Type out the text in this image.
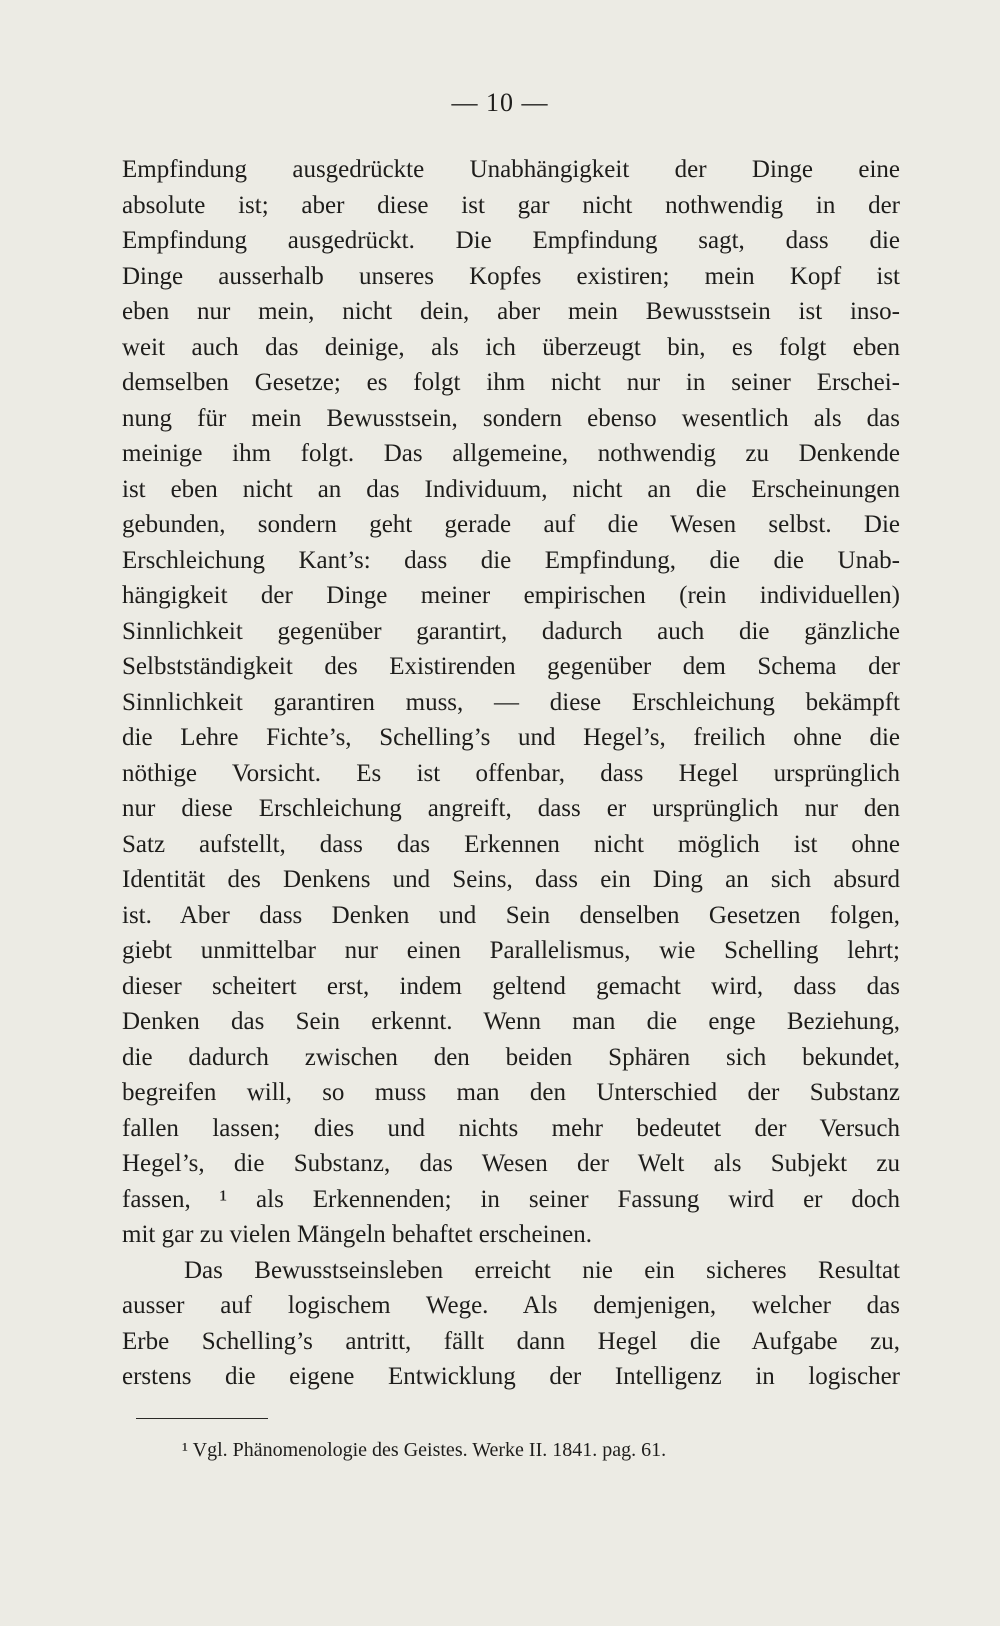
— 10 —
Empfindung ausgedrückte Unabhängigkeit der Dinge eine
absolute ist; aber diese ist gar nicht nothwendig in der
Empfindung ausgedrückt. Die Empfindung sagt, dass die
Dinge ausserhalb unseres Kopfes existiren; mein Kopf ist
eben nur mein, nicht dein, aber mein Bewusstsein ist inso-
weit auch das deinige, als ich überzeugt bin, es folgt eben
demselben Gesetze; es folgt ihm nicht nur in seiner Erschei-
nung für mein Bewusstsein, sondern ebenso wesentlich als das
meinige ihm folgt. Das allgemeine, nothwendig zu Denkende
ist eben nicht an das Individuum, nicht an die Erscheinungen
gebunden, sondern geht gerade auf die Wesen selbst. Die
Erschleichung Kant’s: dass die Empfindung, die die Unab-
hängigkeit der Dinge meiner empirischen (rein individuellen)
Sinnlichkeit gegenüber garantirt, dadurch auch die gänzliche
Selbstständigkeit des Existirenden gegenüber dem Schema der
Sinnlichkeit garantiren muss, — diese Erschleichung bekämpft
die Lehre Fichte’s, Schelling’s und Hegel’s, freilich ohne die
nöthige Vorsicht. Es ist offenbar, dass Hegel ursprünglich
nur diese Erschleichung angreift, dass er ursprünglich nur den
Satz aufstellt, dass das Erkennen nicht möglich ist ohne
Identität des Denkens und Seins, dass ein Ding an sich absurd
ist. Aber dass Denken und Sein denselben Gesetzen folgen,
giebt unmittelbar nur einen Parallelismus, wie Schelling lehrt;
dieser scheitert erst, indem geltend gemacht wird, dass das
Denken das Sein erkennt. Wenn man die enge Beziehung,
die dadurch zwischen den beiden Sphären sich bekundet,
begreifen will, so muss man den Unterschied der Substanz
fallen lassen; dies und nichts mehr bedeutet der Versuch
Hegel’s, die Substanz, das Wesen der Welt als Subjekt zu
fassen, ¹ als Erkennenden; in seiner Fassung wird er doch
mit gar zu vielen Mängeln behaftet erscheinen.
Das Bewusstseinsleben erreicht nie ein sicheres Resultat
ausser auf logischem Wege. Als demjenigen, welcher das
Erbe Schelling’s antritt, fällt dann Hegel die Aufgabe zu,
erstens die eigene Entwicklung der Intelligenz in logischer
¹ Vgl. Phänomenologie des Geistes. Werke II. 1841. pag. 61.
